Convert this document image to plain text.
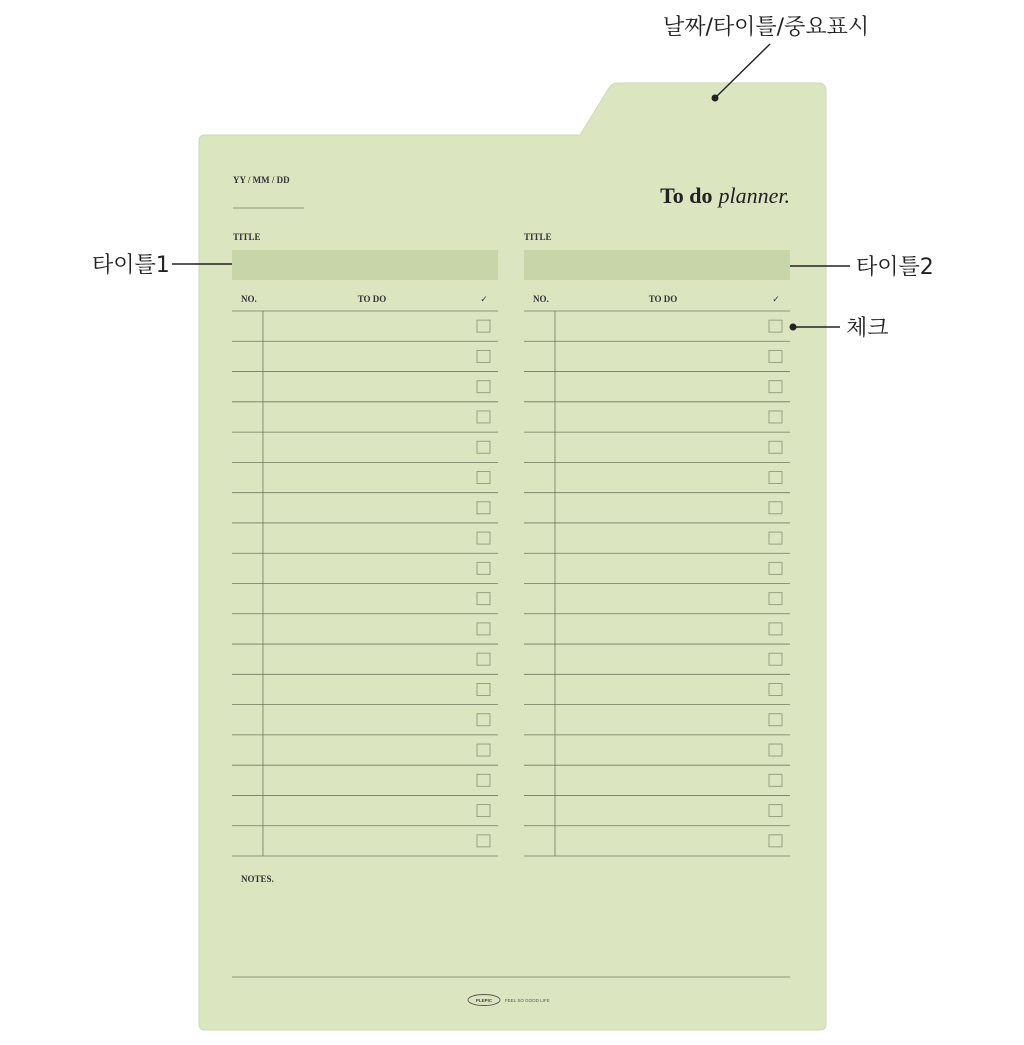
날짜/타이틀/중요표시
타이틀1	타이틀2
체크
YY / MM / DD
To do planner.
TITLE
NO.	TO DO	✓
TITLE
NO.	TO DO	✓
NOTES.
PLEPIC	FEEL SO GOOD LIFE
